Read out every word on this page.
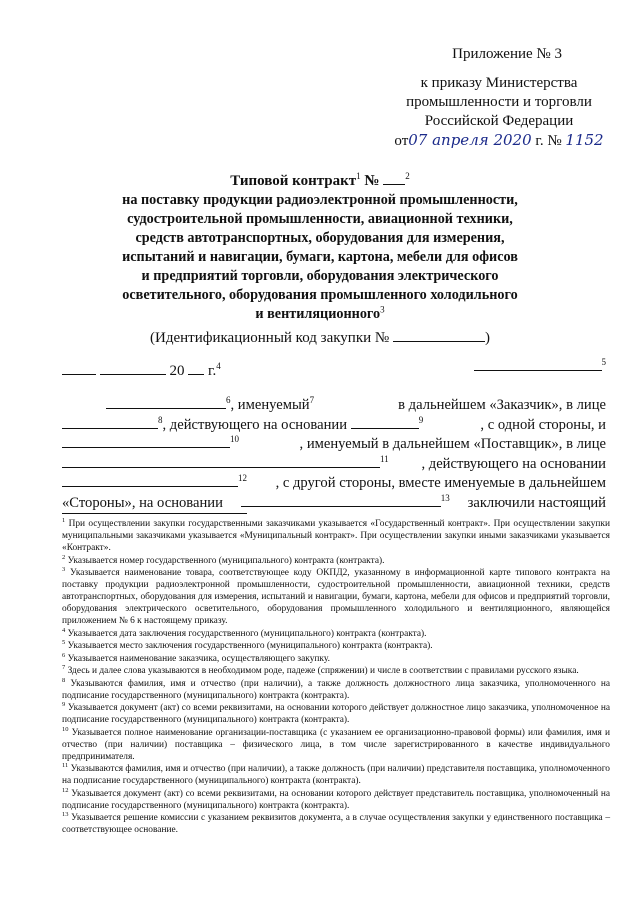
Приложение № 3
к приказу Министерства
промышленности и торговли
Российской Федерации
от07 апреля 2020 г. № 1152
Типовой контракт$^1$ №	$^2$
на поставку продукции радиоэлектронной промышленности,
судостроительной промышленности, авиационной техники,
средств автотранспортных, оборудования для измерения,
испытаний и навигации, бумаги, картона, мебели для офисов
и предприятий торговли, оборудования электрического
осветительного, оборудования промышленного холодильного
и вентиляционного$^3$
(Идентификационный код закупки №	)
20 г.$^4$	$^5$
$^6$, именуемый$^7$	в дальнейшем «Заказчик», в лице
$^8$, действующего на основании	$^9$	, с одной стороны, и
$^{10}$	, именуемый в дальнейшем «Поставщик», в лице
$^{11}$ , действующего на основании
$^{12}$ , с другой стороны, вместе именуемые в дальнейшем
«Стороны», на основании	$^{13}$ заключили настоящий
$^1$ При осуществлении закупки государственными заказчиками указывается «Государственный контракт». При осуществлении закупки муниципальными заказчиками указывается «Муниципальный контракт». При осуществлении закупки иными заказчиками указывается «Контракт».
$^2$ Указывается номер государственного (муниципального) контракта (контракта).
$^3$ Указывается наименование товара, соответствующее коду ОКПД2, указанному в информационной карте типового контракта на поставку продукции радиоэлектронной промышленности, судостроительной промышленности, авиационной техники, средств автотранспортных, оборудования для измерения, испытаний и навигации, бумаги, картона, мебели для офисов и предприятий торговли, оборудования электрического осветительного, оборудования промышленного холодильного и вентиляционного, являющейся приложением № 6 к настоящему приказу.
$^4$ Указывается дата заключения государственного (муниципального) контракта (контракта).
$^5$ Указывается место заключения государственного (муниципального) контракта (контракта).
$^6$ Указывается наименование заказчика, осуществляющего закупку.
$^7$ Здесь и далее слова указываются в необходимом роде, падеже (спряжении) и числе в соответствии с правилами русского языка.
$^8$ Указываются фамилия, имя и отчество (при наличии), а также должность должностного лица заказчика, уполномоченного на подписание государственного (муниципального) контракта (контракта).
$^9$ Указывается документ (акт) со всеми реквизитами, на основании которого действует должностное лицо заказчика, уполномоченное на подписание государственного (муниципального) контракта (контракта).
$^{10}$ Указывается полное наименование организации-поставщика (с указанием ее организационно-правовой формы) или фамилия, имя и отчество (при наличии) поставщика – физического лица, в том числе зарегистрированного в качестве индивидуального предпринимателя.
$^{11}$ Указываются фамилия, имя и отчество (при наличии), а также должность (при наличии) представителя поставщика, уполномоченного на подписание государственного (муниципального) контракта (контракта).
$^{12}$ Указывается документ (акт) со всеми реквизитами, на основании которого действует представитель поставщика, уполномоченный на подписание государственного (муниципального) контракта (контракта).
$^{13}$ Указывается решение комиссии с указанием реквизитов документа, а в случае осуществления закупки у единственного поставщика – соответствующее основание.
